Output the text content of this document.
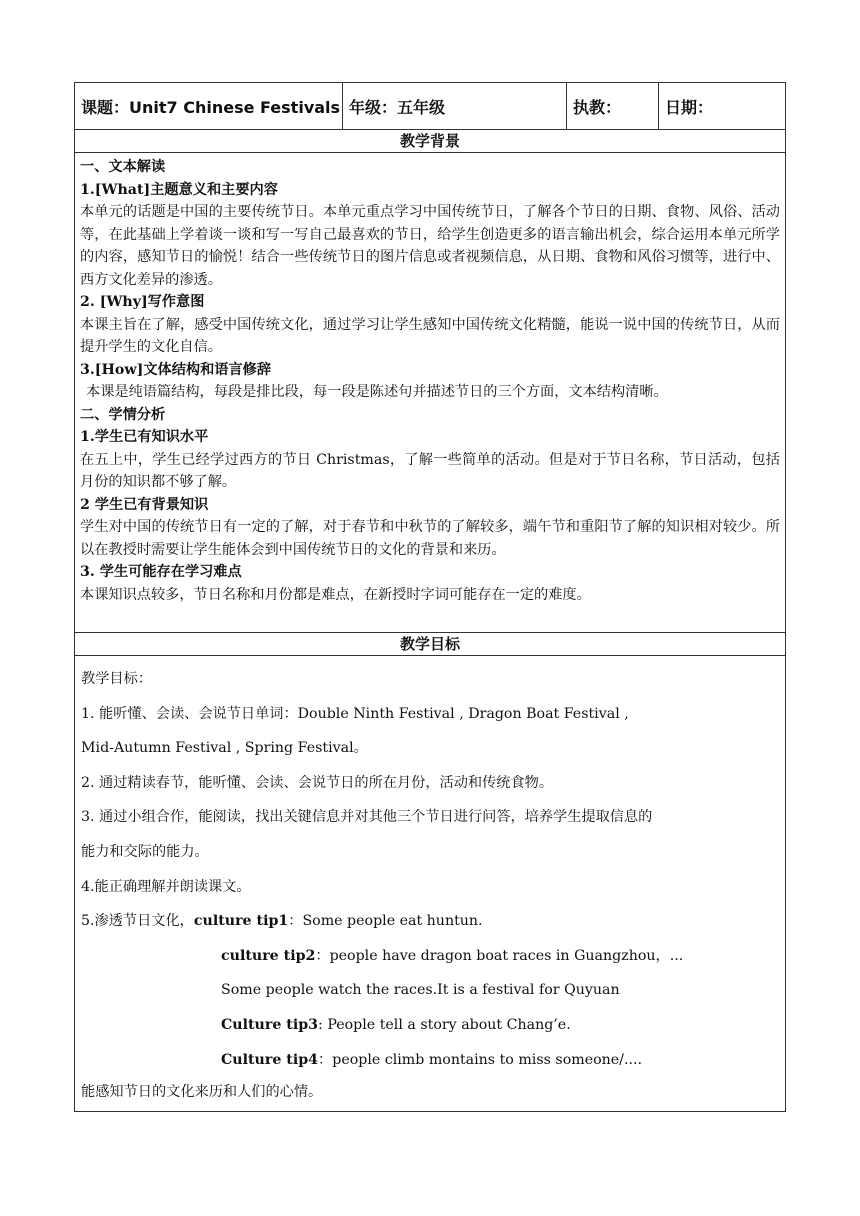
课题：Unit7 Chinese Festivals 年级：五年级	执教：	日期：
教学背景

一、文本解读

1.[What]主题意义和主要内容

本单元的话题是中国的主要传统节日。本单元重点学习中国传统节日，了解各个节日的日期、食物、风俗、活动等，在此基础上学着谈一谈和写一写自己最喜欢的节日，给学生创造更多的语言输出机会，综合运用本单元所学的内容，感知节日的愉悦！结合一些传统节日的图片信息或者视频信息，从日期、食物和风俗习惯等，进行中、西方文化差异的渗透。

2. [Why]写作意图

本课主旨在了解，感受中国传统文化，通过学习让学生感知中国传统文化精髓，能说一说中国的传统节日，从而提升学生的文化自信。

3.[How]文体结构和语言修辞

本课是纯语篇结构，每段是排比段，每一段是陈述句并描述节日的三个方面，文本结构清晰。

二、学情分析

1.学生已有知识水平

在五上中，学生已经学过西方的节日 Christmas，了解一些简单的活动。但是对于节日名称，节日活动，包括月份的知识都不够了解。

2 学生已有背景知识

学生对中国的传统节日有一定的了解，对于春节和中秋节的了解较多，端午节和重阳节了解的知识相对较少。所以在教授时需要让学生能体会到中国传统节日的文化的背景和来历。

3. 学生可能存在学习难点

本课知识点较多，节日名称和月份都是难点，在新授时字词可能存在一定的难度。

教学目标

教学目标：

1. 能听懂、会读、会说节日单词：Double Ninth Festival , Dragon Boat Festival ,

Mid-Autumn Festival , Spring Festival。

2. 通过精读春节，能听懂、会读、会说节日的所在月份，活动和传统食物。

3. 通过小组合作，能阅读，找出关键信息并对其他三个节日进行问答，培养学生提取信息的

能力和交际的能力。

4.能正确理解并朗读课文。

5.渗透节日文化，culture tip1：Some people eat huntun.

culture tip2：people have dragon boat races in Guangzhou，...

Some people watch the races.It is a festival for Quyuan

Culture tip3: People tell a story about Chang’e.

Culture tip4：people climb montains to miss someone/....

能感知节日的文化来历和人们的心情。
